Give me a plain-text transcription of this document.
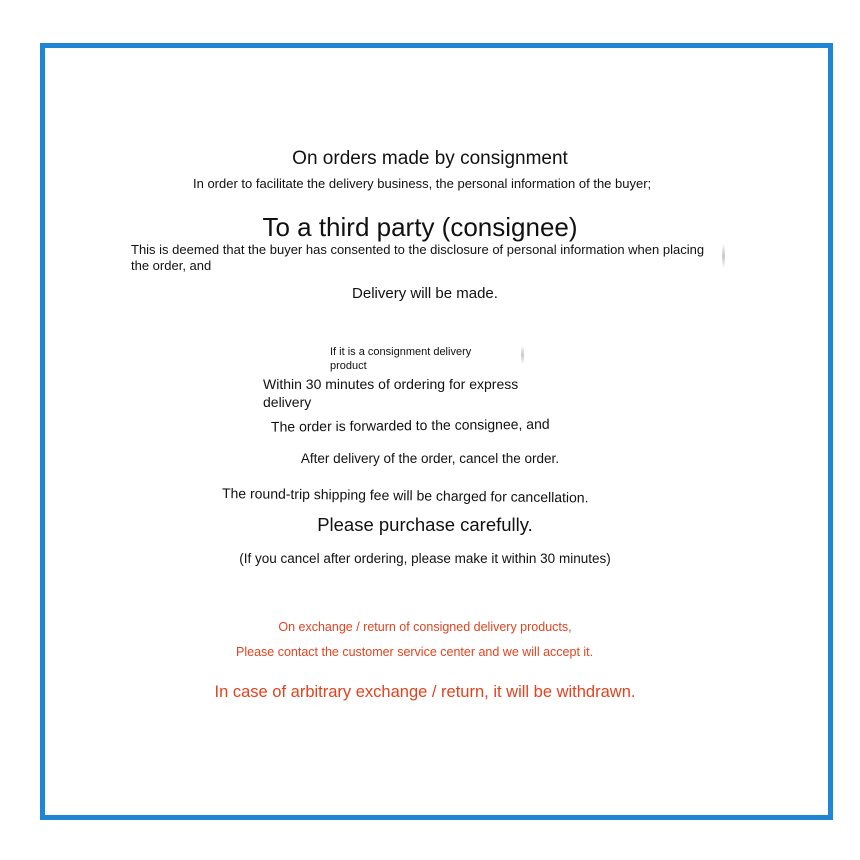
On orders made by consignment

In order to facilitate the delivery business, the personal information of the buyer;

To a third party (consignee)

This is deemed that the buyer has consented to the disclosure of personal information when placing the order, and

Delivery will be made.

If it is a consignment delivery product

Within 30 minutes of ordering for express delivery

The order is forwarded to the consignee, and

After delivery of the order, cancel the order.

The round-trip shipping fee will be charged for cancellation.

Please purchase carefully.

(If you cancel after ordering, please make it within 30 minutes)

On exchange / return of consigned delivery products,

Please contact the customer service center and we will accept it.

In case of arbitrary exchange / return, it will be withdrawn.
